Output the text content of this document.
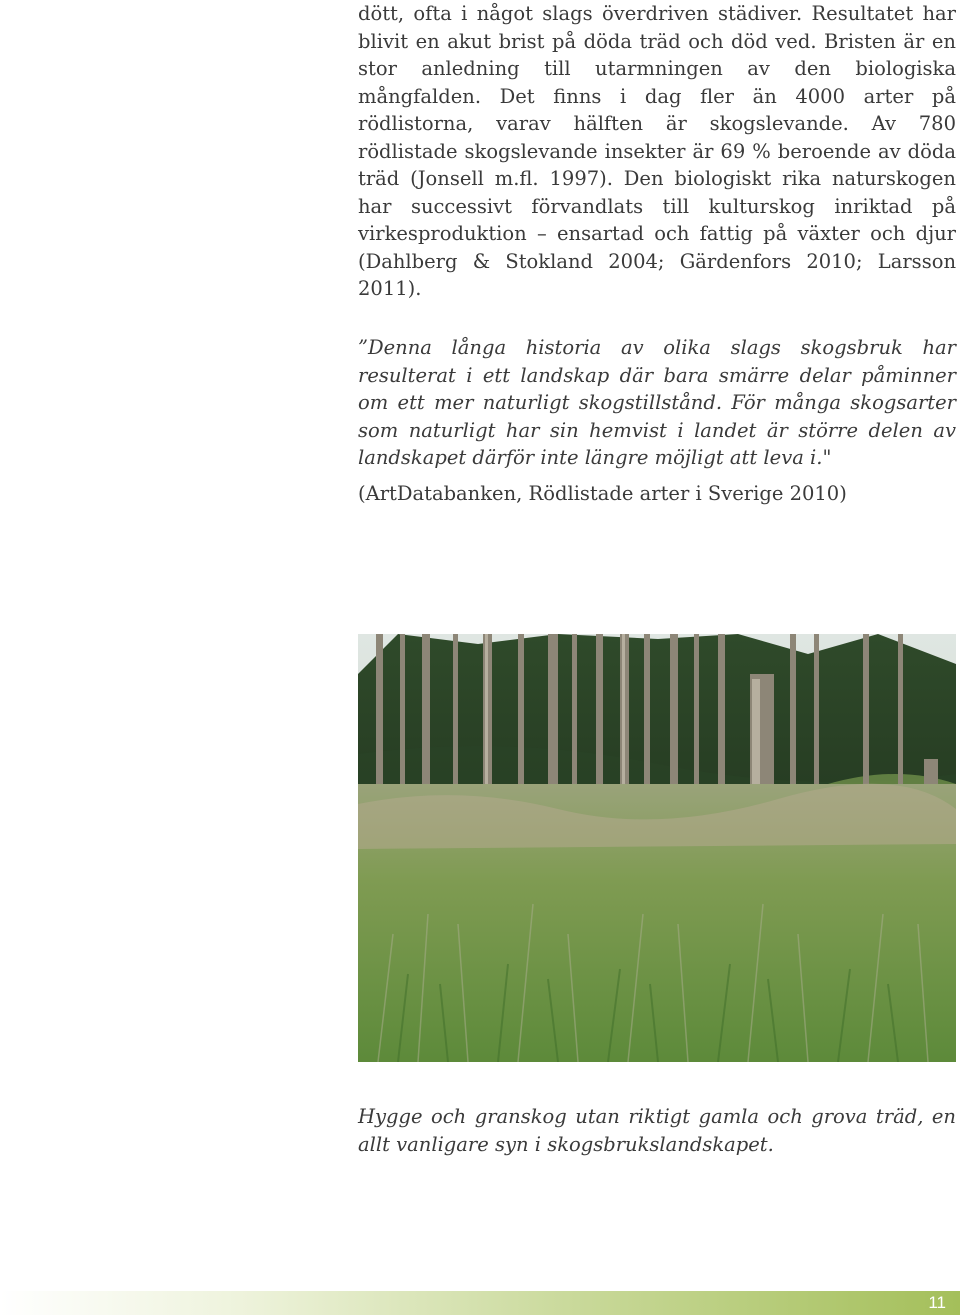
dött, ofta i något slags överdriven städiver. Resultatet har blivit en akut brist på döda träd och död ved. Bristen är en stor anledning till utarmningen av den biologiska mångfalden. Det finns i dag fler än 4000 arter på rödlistorna, varav hälften är skogslevande. Av 780 rödlistade skogslevande insekter är 69 % beroende av döda träd (Jonsell m.fl. 1997). Den biologiskt rika naturskogen har successivt förvandlats till kulturskog inriktad på virkesproduktion – ensartad och fattig på växter och djur (Dahlberg & Stokland 2004; Gärdenfors 2010; Larsson 2011).

”Denna långa historia av olika slags skogsbruk har resulterat i ett landskap där bara smärre delar påminner om ett mer naturligt skogstillstånd. För många skogsarter som naturligt har sin hemvist i landet är större delen av landskapet därför inte längre möjligt att leva i."

(ArtDatabanken, Rödlistade arter i Sverige 2010)

Hygge och granskog utan riktigt gamla och grova träd, en allt vanligare syn i skogsbrukslandskapet.

11
